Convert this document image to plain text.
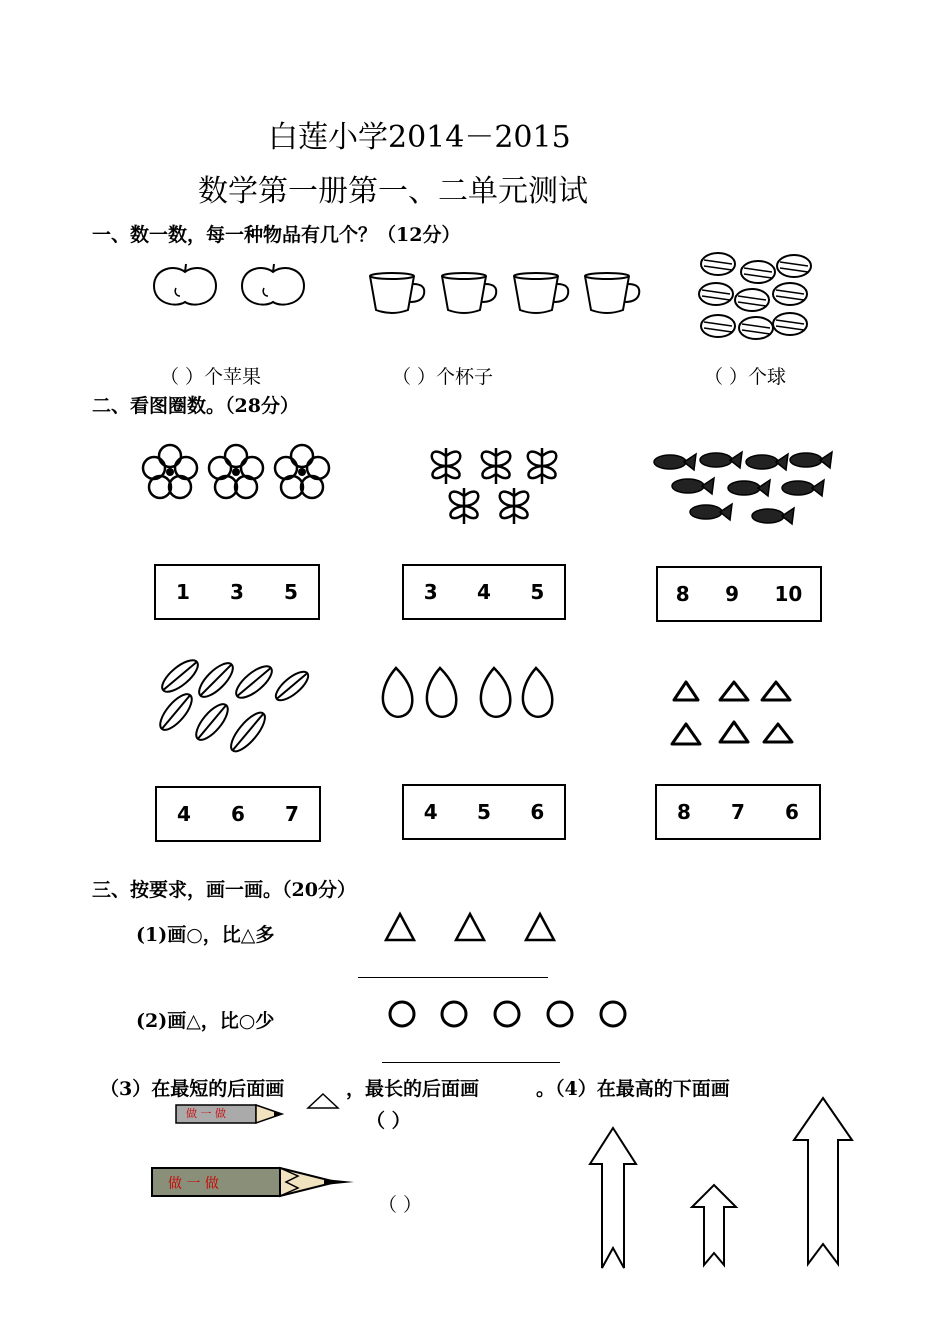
白莲小学2014－2015
数学第一册第一、二单元测试
一、数一数，每一种物品有几个？（12分）
（ ）个苹果	（ ）个杯子	（ ）个球
二、看图圈数。（28分）
1 3 5	3 4 5	8 9 10
4 6 7	4 5 6	8 7 6
三、按要求，画一画。（20分）
(1)画○，比△多
(2)画△，比○少
（3）在最短的后面画	，最长的后面画	。（4）在最高的下面画
（ ）
做 一 做
做 一 做
（ ）
